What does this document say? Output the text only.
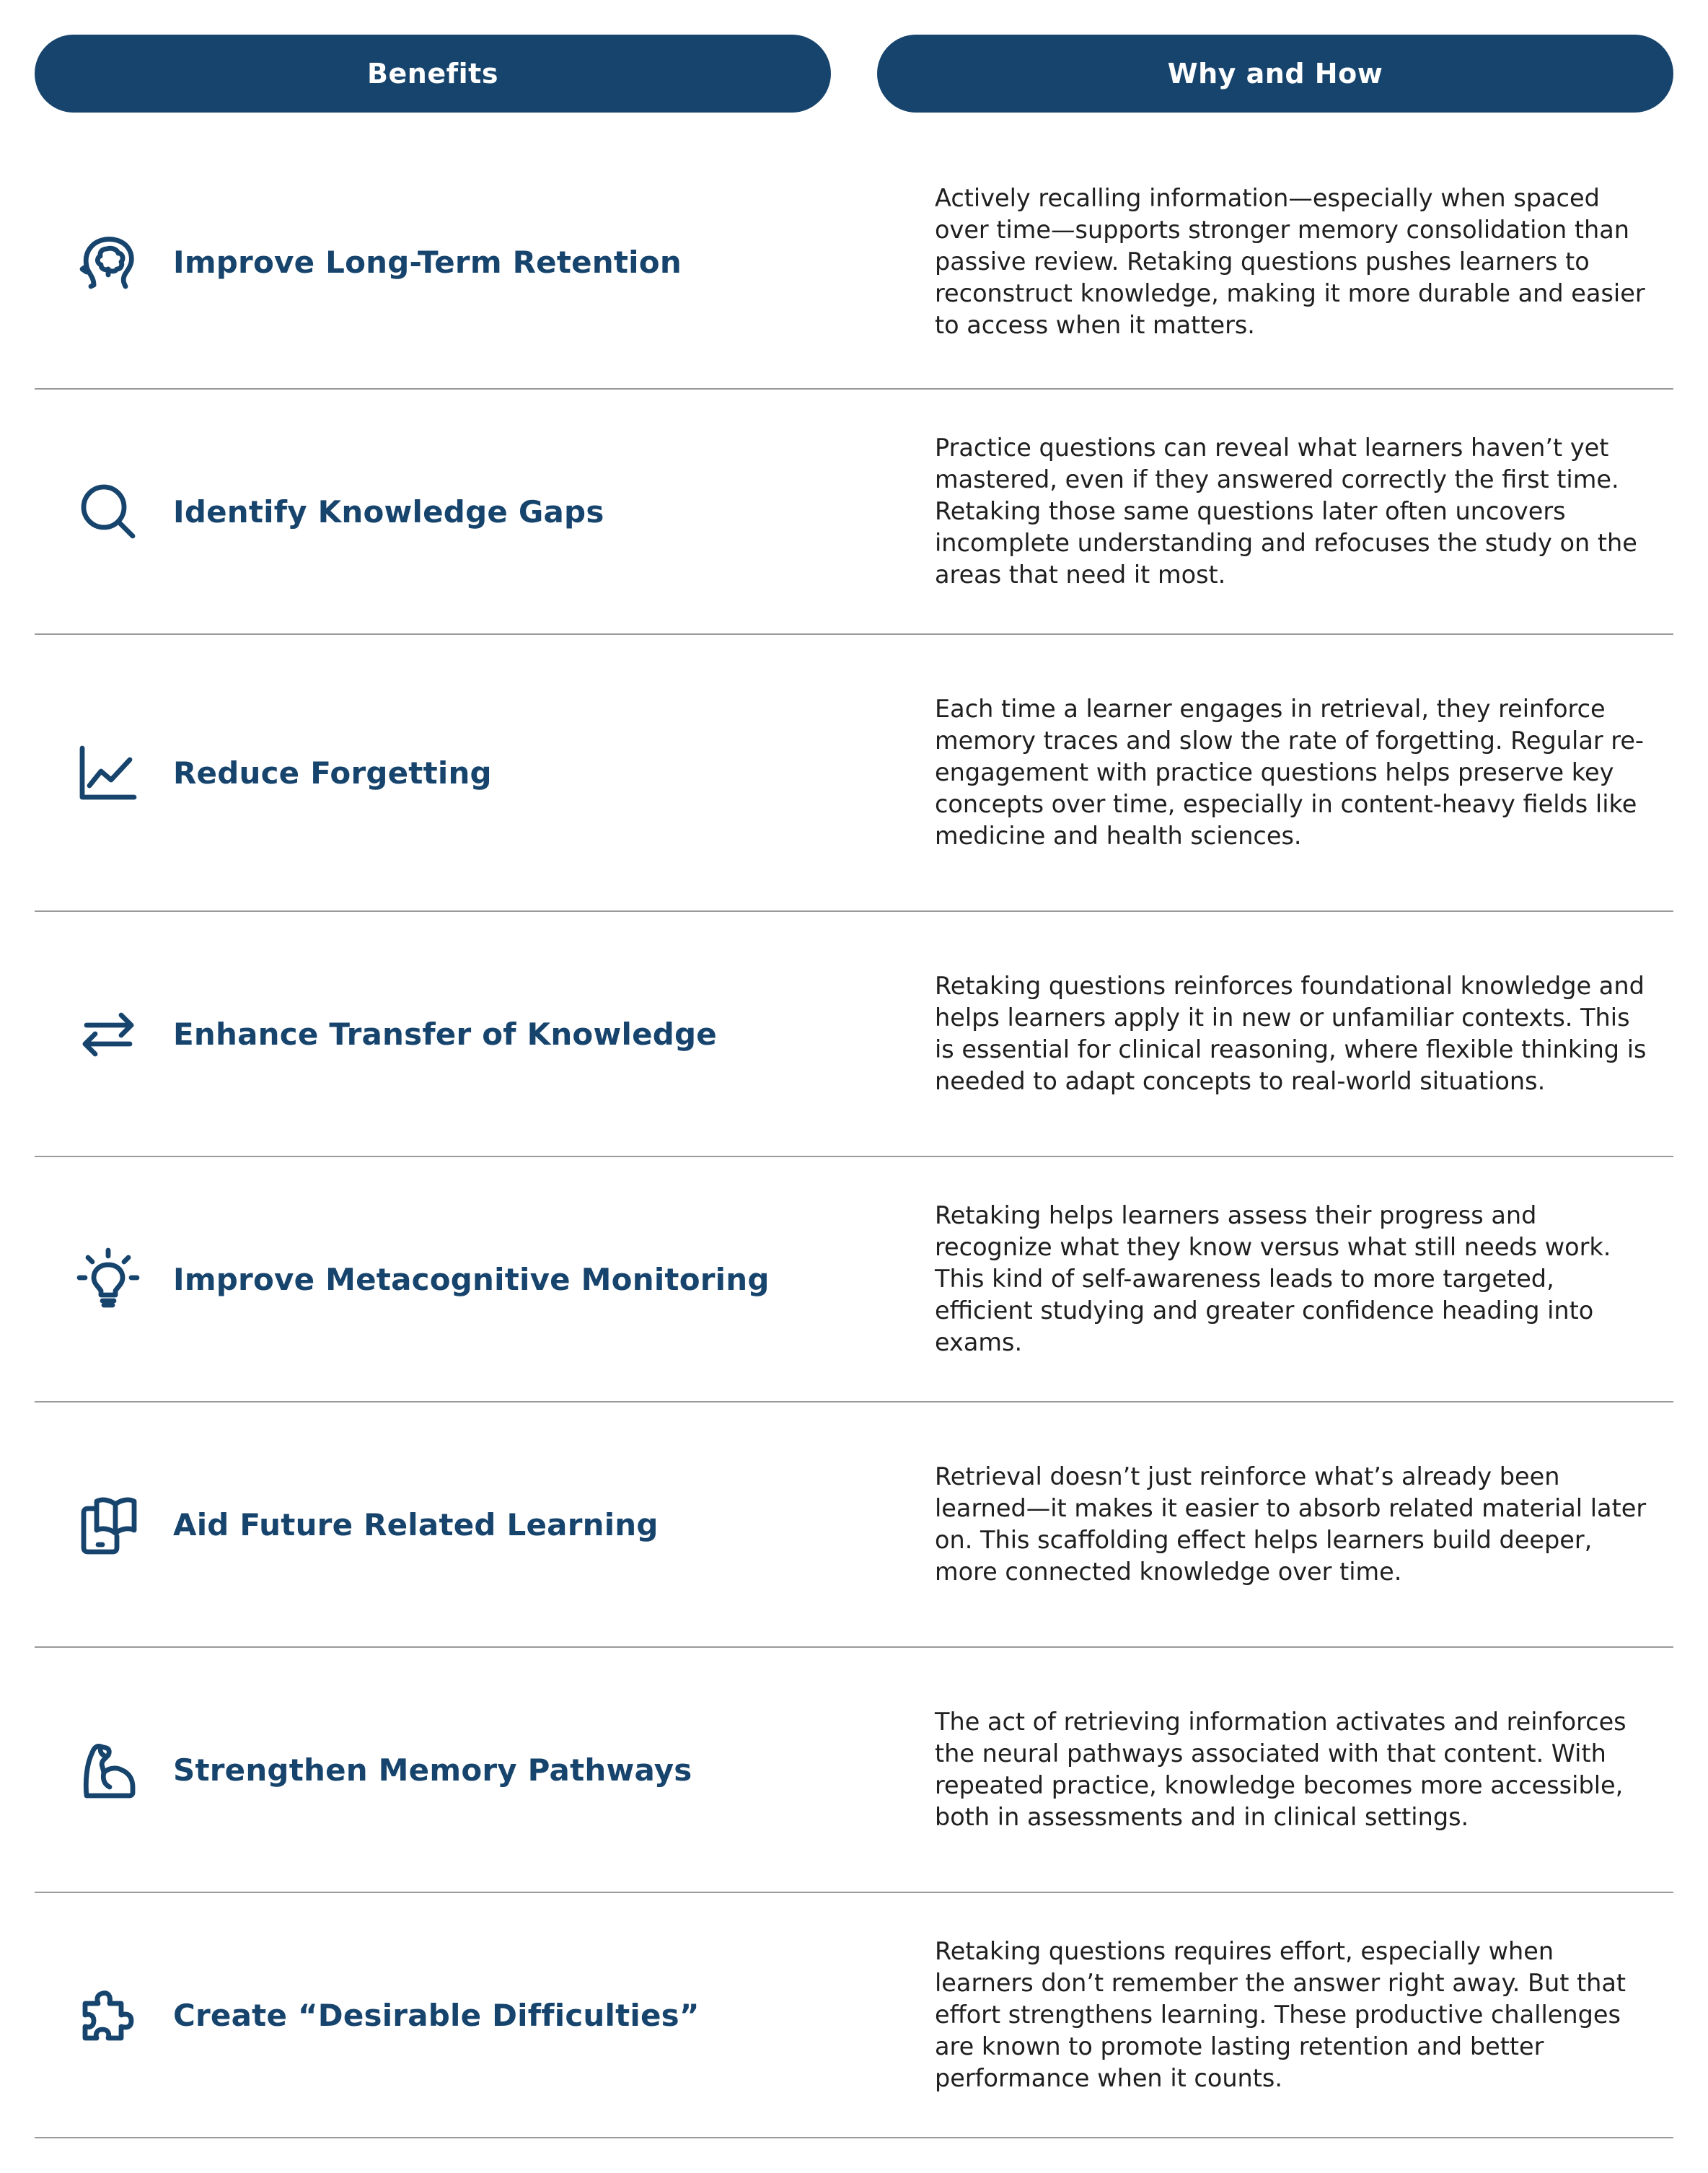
Benefits	Why and How
Improve Long-Term Retention
Actively recalling information—especially when spaced over time—supports stronger memory consolidation than passive review. Retaking questions pushes learners to reconstruct knowledge, making it more durable and easier to access when it matters.
Identify Knowledge Gaps
Practice questions can reveal what learners haven’t yet mastered, even if they answered correctly the first time. Retaking those same questions later often uncovers incomplete understanding and refocuses the study on the areas that need it most.
Reduce Forgetting
Each time a learner engages in retrieval, they reinforce memory traces and slow the rate of forgetting. Regular re-engagement with practice questions helps preserve key concepts over time, especially in content-heavy fields like medicine and health sciences.
Enhance Transfer of Knowledge
Retaking questions reinforces foundational knowledge and helps learners apply it in new or unfamiliar contexts. This is essential for clinical reasoning, where flexible thinking is needed to adapt concepts to real-world situations.
Improve Metacognitive Monitoring
Retaking helps learners assess their progress and recognize what they know versus what still needs work. This kind of self-awareness leads to more targeted, efficient studying and greater confidence heading into exams.
Aid Future Related Learning
Retrieval doesn’t just reinforce what’s already been learned—it makes it easier to absorb related material later on. This scaffolding effect helps learners build deeper, more connected knowledge over time.
Strengthen Memory Pathways
The act of retrieving information activates and reinforces the neural pathways associated with that content. With repeated practice, knowledge becomes more accessible, both in assessments and in clinical settings.
Create “Desirable Difficulties”
Retaking questions requires effort, especially when learners don’t remember the answer right away. But that effort strengthens learning. These productive challenges are known to promote lasting retention and better performance when it counts.
